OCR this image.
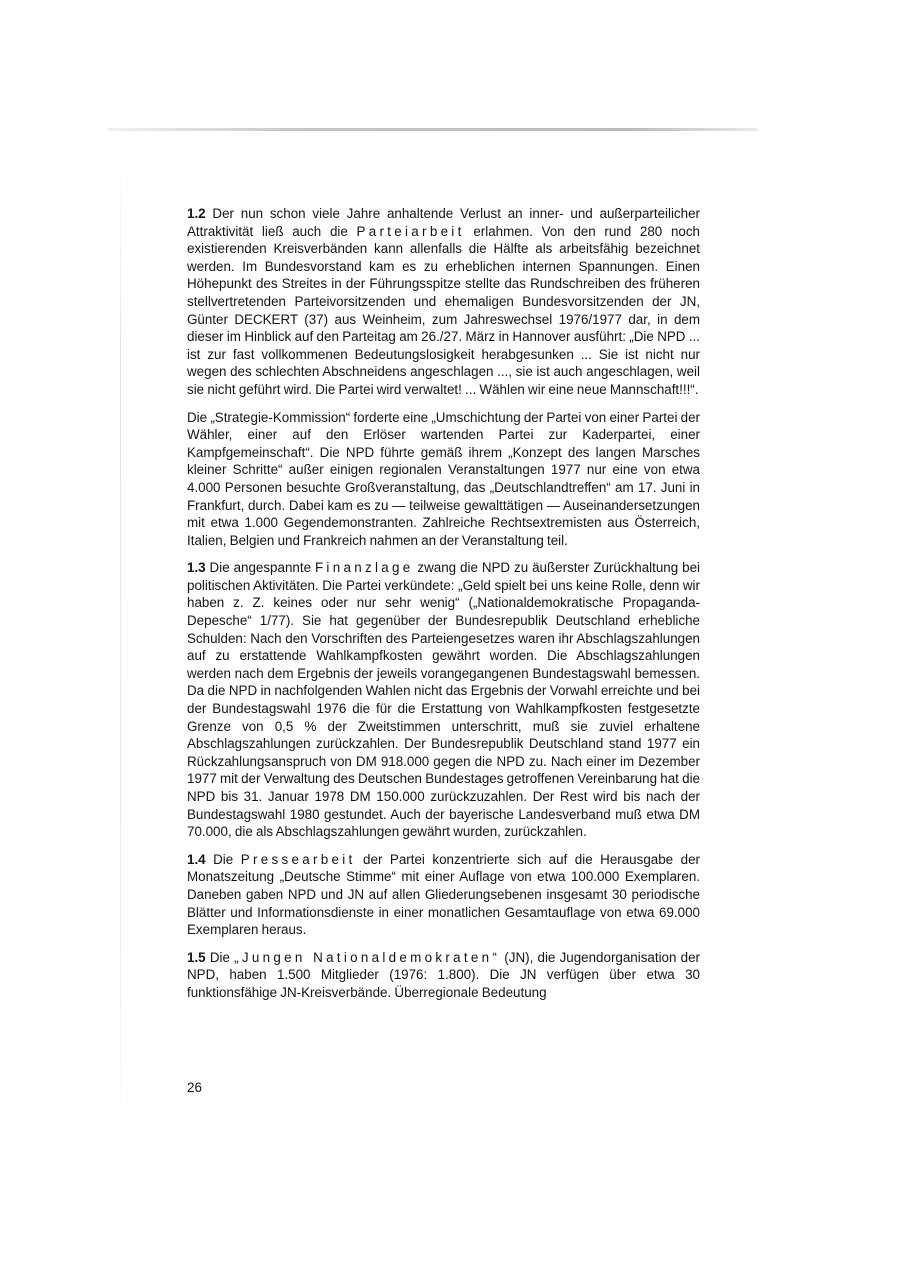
1.2 Der nun schon viele Jahre anhaltende Verlust an inner- und außerparteilicher Attraktivität ließ auch die Parteiarbeit erlahmen. Von den rund 280 noch existierenden Kreisverbänden kann allenfalls die Hälfte als arbeitsfähig bezeichnet werden. Im Bundesvorstand kam es zu erheblichen internen Spannungen. Einen Höhepunkt des Streites in der Führungsspitze stellte das Rundschreiben des früheren stellvertretenden Parteivorsitzenden und ehemaligen Bundesvorsitzenden der JN, Günter DECKERT (37) aus Weinheim, zum Jahreswechsel 1976/1977 dar, in dem dieser im Hinblick auf den Parteitag am 26./27. März in Hannover ausführt: „Die NPD ... ist zur fast vollkommenen Bedeutungslosigkeit herabgesunken ... Sie ist nicht nur wegen des schlechten Abschneidens angeschlagen ..., sie ist auch angeschlagen, weil sie nicht geführt wird. Die Partei wird verwaltet! ... Wählen wir eine neue Mannschaft!!!“.

Die „Strategie-Kommission“ forderte eine „Umschichtung der Partei von einer Partei der Wähler, einer auf den Erlöser wartenden Partei zur Kaderpartei, einer Kampfgemeinschaft“. Die NPD führte gemäß ihrem „Konzept des langen Marsches kleiner Schritte“ außer einigen regionalen Veranstaltungen 1977 nur eine von etwa 4.000 Personen besuchte Großveranstaltung, das „Deutschlandtreffen“ am 17. Juni in Frankfurt, durch. Dabei kam es zu — teilweise gewalttätigen — Auseinandersetzungen mit etwa 1.000 Gegendemonstranten. Zahlreiche Rechtsextremisten aus Österreich, Italien, Belgien und Frankreich nahmen an der Veranstaltung teil.

1.3 Die angespannte Finanzlage zwang die NPD zu äußerster Zurückhaltung bei politischen Aktivitäten. Die Partei verkündete: „Geld spielt bei uns keine Rolle, denn wir haben z. Z. keines oder nur sehr wenig“ („Nationaldemokratische Propaganda-Depesche“ 1/77). Sie hat gegenüber der Bundesrepublik Deutschland erhebliche Schulden: Nach den Vorschriften des Parteiengesetzes waren ihr Abschlagszahlungen auf zu erstattende Wahlkampfkosten gewährt worden. Die Abschlagszahlungen werden nach dem Ergebnis der jeweils vorangegangenen Bundestagswahl bemessen. Da die NPD in nachfolgenden Wahlen nicht das Ergebnis der Vorwahl erreichte und bei der Bundestagswahl 1976 die für die Erstattung von Wahlkampfkosten festgesetzte Grenze von 0,5 % der Zweitstimmen unterschritt, muß sie zuviel erhaltene Abschlagszahlungen zurückzahlen. Der Bundesrepublik Deutschland stand 1977 ein Rückzahlungsanspruch von DM 918.000 gegen die NPD zu. Nach einer im Dezember 1977 mit der Verwaltung des Deutschen Bundestages getroffenen Vereinbarung hat die NPD bis 31. Januar 1978 DM 150.000 zurückzuzahlen. Der Rest wird bis nach der Bundestagswahl 1980 gestundet. Auch der bayerische Landesverband muß etwa DM 70.000, die als Abschlagszahlungen gewährt wurden, zurückzahlen.

1.4 Die Pressearbeit der Partei konzentrierte sich auf die Herausgabe der Monatszeitung „Deutsche Stimme“ mit einer Auflage von etwa 100.000 Exemplaren. Daneben gaben NPD und JN auf allen Gliederungsebenen insgesamt 30 periodische Blätter und Informationsdienste in einer monatlichen Gesamtauflage von etwa 69.000 Exemplaren heraus.

1.5 Die „Jungen Nationaldemokraten“ (JN), die Jugendorganisation der NPD, haben 1.500 Mitglieder (1976: 1.800). Die JN verfügen über etwa 30 funktionsfähige JN-Kreisverbände. Überregionale Bedeutung

26
